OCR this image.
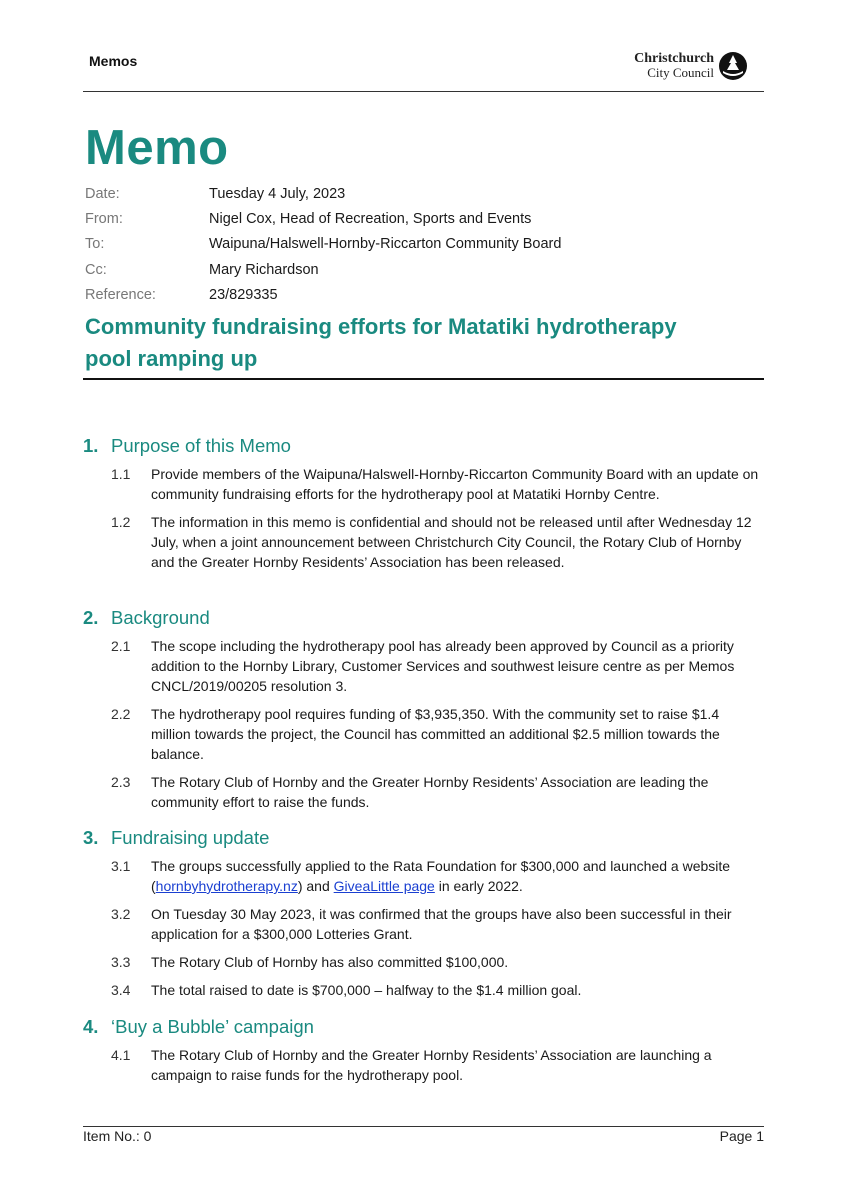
Memos	Christchurch
City Council
Memo
Date:	Tuesday 4 July, 2023
From:	Nigel Cox, Head of Recreation, Sports and Events
To:	Waipuna/Halswell-Hornby-Riccarton Community Board
Cc:	Mary Richardson
Reference:	23/829335
Community fundraising efforts for Matatiki hydrotherapy
pool ramping up
1. Purpose of this Memo
1.1	Provide members of the Waipuna/Halswell-Hornby-Riccarton Community Board with an update on community fundraising efforts for the hydrotherapy pool at Matatiki Hornby Centre.
1.2	The information in this memo is confidential and should not be released until after Wednesday 12 July, when a joint announcement between Christchurch City Council, the Rotary Club of Hornby and the Greater Hornby Residents’ Association has been released.
2. Background
2.1	The scope including the hydrotherapy pool has already been approved by Council as a priority addition to the Hornby Library, Customer Services and southwest leisure centre as per Memos CNCL/2019/00205 resolution 3.
2.2	The hydrotherapy pool requires funding of $3,935,350. With the community set to raise $1.4 million towards the project, the Council has committed an additional $2.5 million towards the balance.
2.3	The Rotary Club of Hornby and the Greater Hornby Residents’ Association are leading the community effort to raise the funds.
3. Fundraising update
3.1	The groups successfully applied to the Rata Foundation for $300,000 and launched a website (hornbyhydrotherapy.nz) and GiveaLittle page in early 2022.
3.2	On Tuesday 30 May 2023, it was confirmed that the groups have also been successful in their application for a $300,000 Lotteries Grant.
3.3	The Rotary Club of Hornby has also committed $100,000.
3.4	The total raised to date is $700,000 – halfway to the $1.4 million goal.
4. ‘Buy a Bubble’ campaign
4.1	The Rotary Club of Hornby and the Greater Hornby Residents’ Association are launching a campaign to raise funds for the hydrotherapy pool.
Item No.: 0	Page 1
